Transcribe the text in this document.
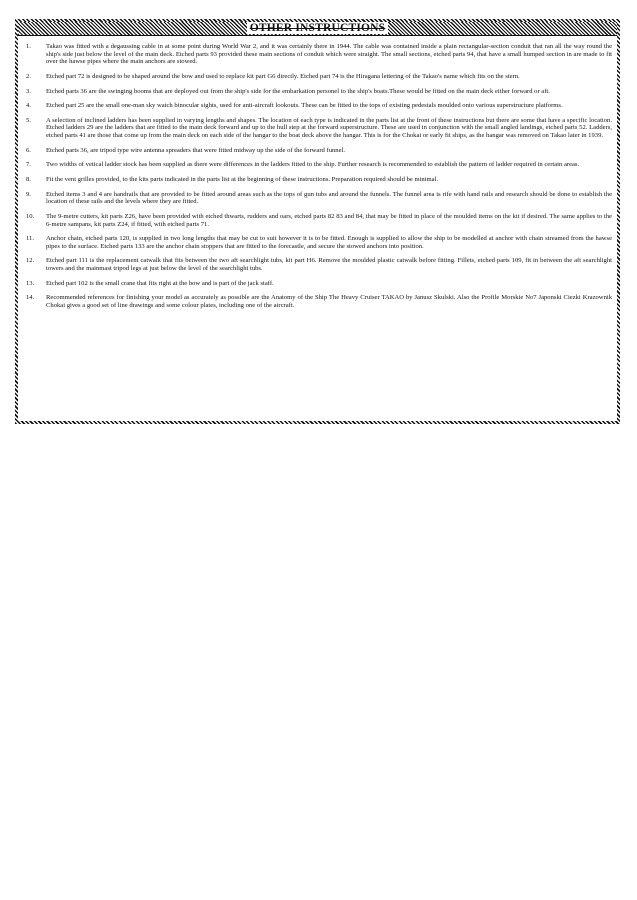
OTHER INSTRUCTIONS
1.	Takao was fitted with a degaussing cable in at some point during World War 2, and it was certainly there in 1944. The cable was contained inside a plain rectangular-section conduit that ran all the way round the ship's side just below the level of the main deck. Etched parts 93 provided these main sections of conduit which were straight. The small sections, etched parts 94, that have a small humped section in are made to fit over the hawse pipes where the main anchors are stowed.
2.	Etched part 72 is designed to be shaped around the bow and used to replace kit part G6 directly. Etched part 74 is the Hiragana lettering of the Takao's name which fits on the stern.
3.	Etched parts 36 are the swinging booms that are deployed out from the ship's side for the embarkation personel to the ship's boats.These would be fitted on the main deck either forward or aft.
4.	Etched part 25 are the small one-man sky watch binocular sights, used for anti-aircraft lookouts. These can be fitted to the tops of existing pedestals moulded onto various superstructure platforms.
5.	A selection of inclined ladders has been supplied in varying lengths and shapes. The location of each type is indicated in the parts list at the front of these instructions but there are some that have a specific location. Etched ladders 29 are the ladders that are fitted to the main deck forward and up to the hull step at the forward superstructure. These are used in conjunction with the small angled landings, etched parts 52. Ladders, etched parts 41 are those that come up from the main deck on each side of the hangar to the boat deck above the hangar. This is for the Chokai or early fit ships, as the hangar was removed on Takao later in 1939.
6.	Etched parts 36, are tripod type wire antenna spreaders that were fitted midway up the side of the forward funnel.
7.	Two widths of vetical ladder stock has been supplied as there were differences in the ladders fitted to the ship. Further research is recommended to establish the pattern of ladder required in certain areas.
8.	Fit the vent grilles provided, to the kits parts indicated in the parts list at the beginning of these instructions. Preparation required should be minimal.
9.	Etched items 3 and 4 are handrails that are provided to be fitted around areas such as the tops of gun tubs and around the funnels. The funnel area is rife with hand rails and research should be done to establish the location of these rails and the levels where they are fitted.
10.	The 9-metre cutters, kit parts Z26, have been provided with etched thwarts, rudders and oars, etched parts 82 83 and 84, that may be fitted in place of the moulded items on the kit if desired. The same applies to the 6-metre sampans, kit parts Z24, if fitted, with etched parts 71.
11.	Anchor chain, etched parts 120, is supplied in two long lengths that may be cut to suit however it is to be fitted. Enough is supplied to allow the ship to be modelled at anchor with chain streamed from the hawse pipes to the surface. Etched parts 133 are the anchor chain stoppers that are fitted to the forecastle, and secure the stowed anchors into position.
12.	Etched part 111 is the replacement catwalk that fits between the two aft searchlight tubs, kit part H6. Remove the moulded plastic catwalk before fitting. Fillets, etched parts 109, fit in between the aft searchlight towers and the mainmast tripod legs at just below the level of the searchlight tubs.
13.	Etched part 102 is the small crane that fits right at the bow and is part of the jack staff.
14.	Recommended references for finishing your model as accurately as possible are the Anatomy of the Ship The Heavy Cruiser TAKAO by Janusz Skulski. Also the Profile Morskie No7 Japonski Ciezki Krazownik Chokai gives a good set of line drawings and some colour plates, including one of the aircraft.
